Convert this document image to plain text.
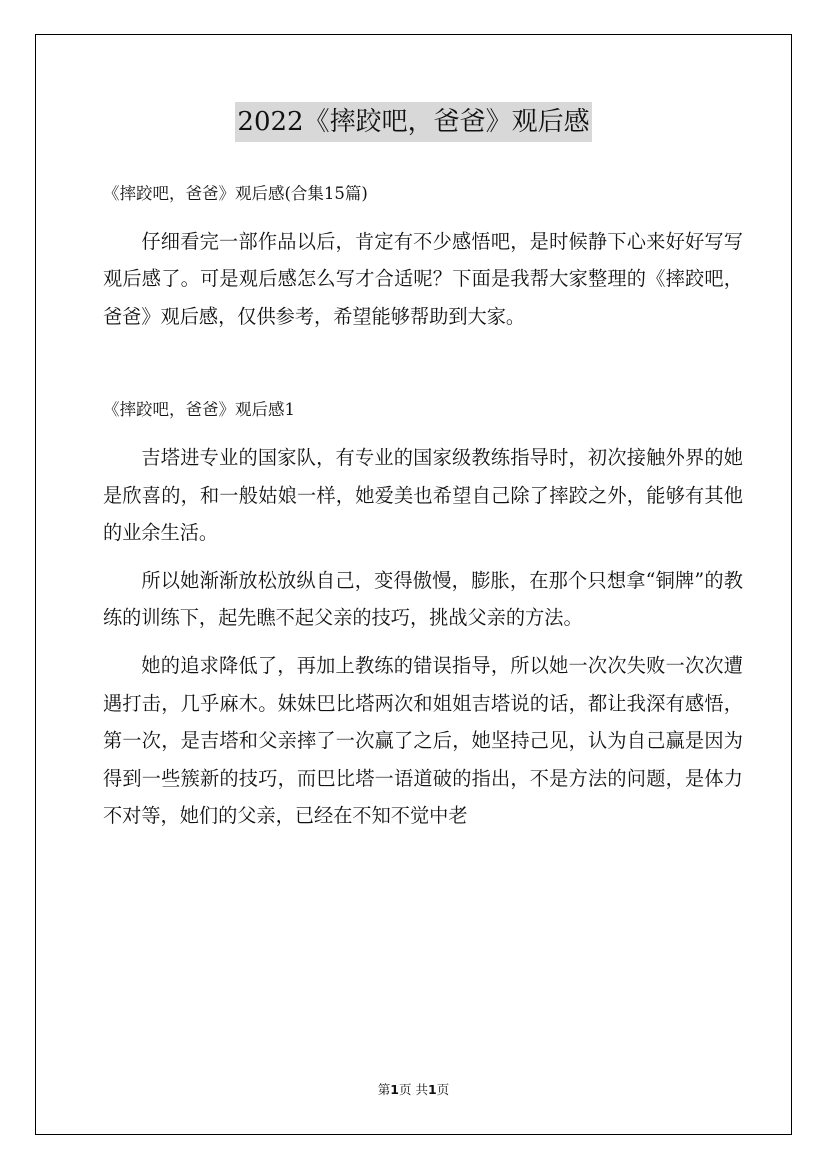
2022《摔跤吧，爸爸》观后感

《摔跤吧，爸爸》观后感(合集15篇)

仔细看完一部作品以后，肯定有不少感悟吧，是时候静下心来好好写写观后感了。可是观后感怎么写才合适呢？下面是我帮大家整理的《摔跤吧，爸爸》观后感，仅供参考，希望能够帮助到大家。

《摔跤吧，爸爸》观后感1

吉塔进专业的国家队，有专业的国家级教练指导时，初次接触外界的她是欣喜的，和一般姑娘一样，她爱美也希望自己除了摔跤之外，能够有其他的业余生活。

所以她渐渐放松放纵自己，变得傲慢，膨胀，在那个只想拿“铜牌”的教练的训练下，起先瞧不起父亲的技巧，挑战父亲的方法。

她的追求降低了，再加上教练的错误指导，所以她一次次失败一次次遭遇打击，几乎麻木。妹妹巴比塔两次和姐姐吉塔说的话，都让我深有感悟，第一次，是吉塔和父亲摔了一次赢了之后，她坚持己见，认为自己赢是因为得到一些簇新的技巧，而巴比塔一语道破的指出，不是方法的问题，是体力不对等，她们的父亲，已经在不知不觉中老

第1页 共1页
